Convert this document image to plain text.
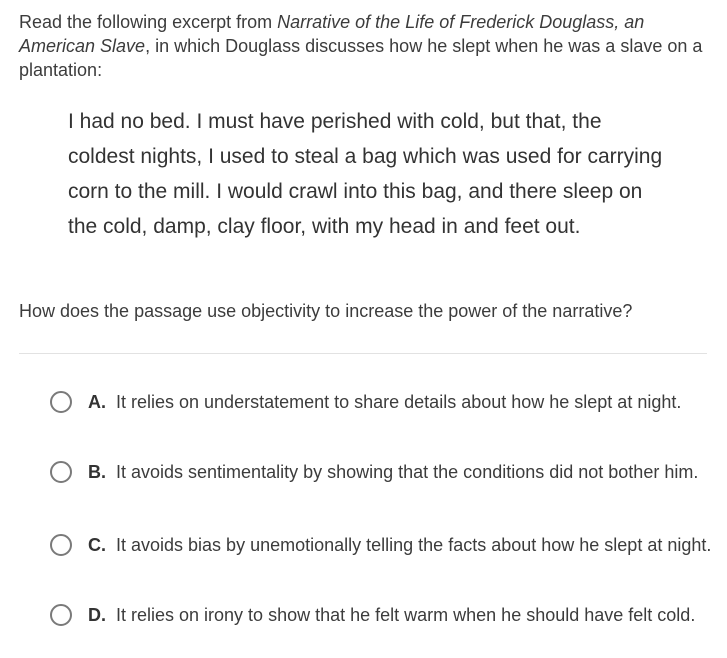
Read the following excerpt from Narrative of the Life of Frederick Douglass, an American Slave, in which Douglass discusses how he slept when he was a slave on a plantation:

I had no bed. I must have perished with cold, but that, the coldest nights, I used to steal a bag which was used for carrying corn to the mill. I would crawl into this bag, and there sleep on the cold, damp, clay floor, with my head in and feet out.

How does the passage use objectivity to increase the power of the narrative?

A. It relies on understatement to share details about how he slept at night.
B. It avoids sentimentality by showing that the conditions did not bother him.
C. It avoids bias by unemotionally telling the facts about how he slept at night.
D. It relies on irony to show that he felt warm when he should have felt cold.
